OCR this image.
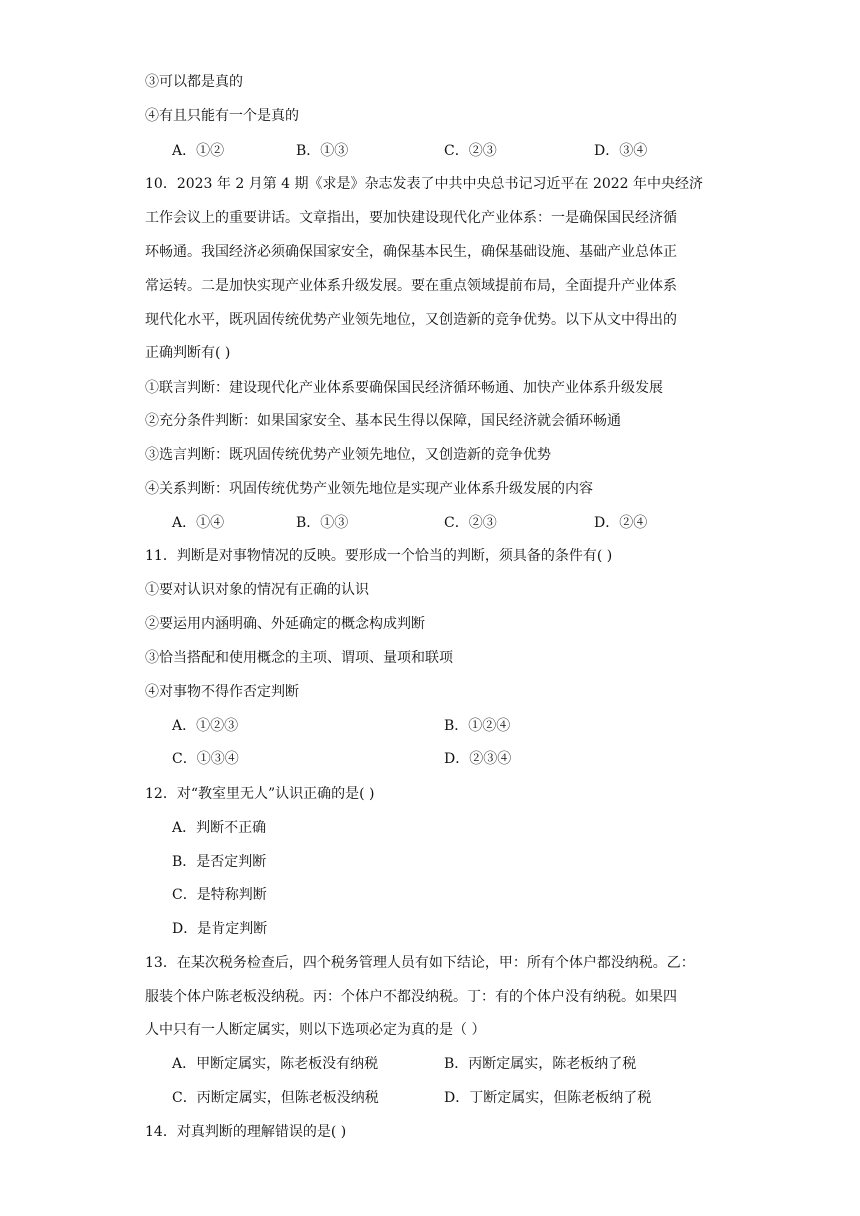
③可以都是真的
④有且只能有一个是真的
A．①②	B．①③	C．②③	D．③④
10．2023 年 2 月第 4 期《求是》杂志发表了中共中央总书记习近平在 2022 年中央经济
工作会议上的重要讲话。文章指出，要加快建设现代化产业体系：一是确保国民经济循
环畅通。我国经济必须确保国家安全，确保基本民生，确保基础设施、基础产业总体正
常运转。二是加快实现产业体系升级发展。要在重点领域提前布局，全面提升产业体系
现代化水平，既巩固传统优势产业领先地位，又创造新的竞争优势。以下从文中得出的
正确判断有( )
①联言判断：建设现代化产业体系要确保国民经济循环畅通、加快产业体系升级发展
②充分条件判断：如果国家安全、基本民生得以保障，国民经济就会循环畅通
③选言判断：既巩固传统优势产业领先地位，又创造新的竞争优势
④关系判断：巩固传统优势产业领先地位是实现产业体系升级发展的内容
A．①④	B．①③	C．②③	D．②④
11．判断是对事物情况的反映。要形成一个恰当的判断，须具备的条件有( )
①要对认识对象的情况有正确的认识
②要运用内涵明确、外延确定的概念构成判断
③恰当搭配和使用概念的主项、谓项、量项和联项
④对事物不得作否定判断
A．①②③	B．①②④
C．①③④	D．②③④
12．对“教室里无人”认识正确的是( )
A．判断不正确
B．是否定判断
C．是特称判断
D．是肯定判断
13．在某次税务检查后，四个税务管理人员有如下结论，甲：所有个体户都没纳税。乙：
服装个体户陈老板没纳税。丙：个体户不都没纳税。丁：有的个体户没有纳税。如果四
人中只有一人断定属实，则以下选项必定为真的是（ ）
A．甲断定属实，陈老板没有纳税	B．丙断定属实，陈老板纳了税
C．丙断定属实，但陈老板没纳税	D．丁断定属实，但陈老板纳了税
14．对真判断的理解错误的是( )
